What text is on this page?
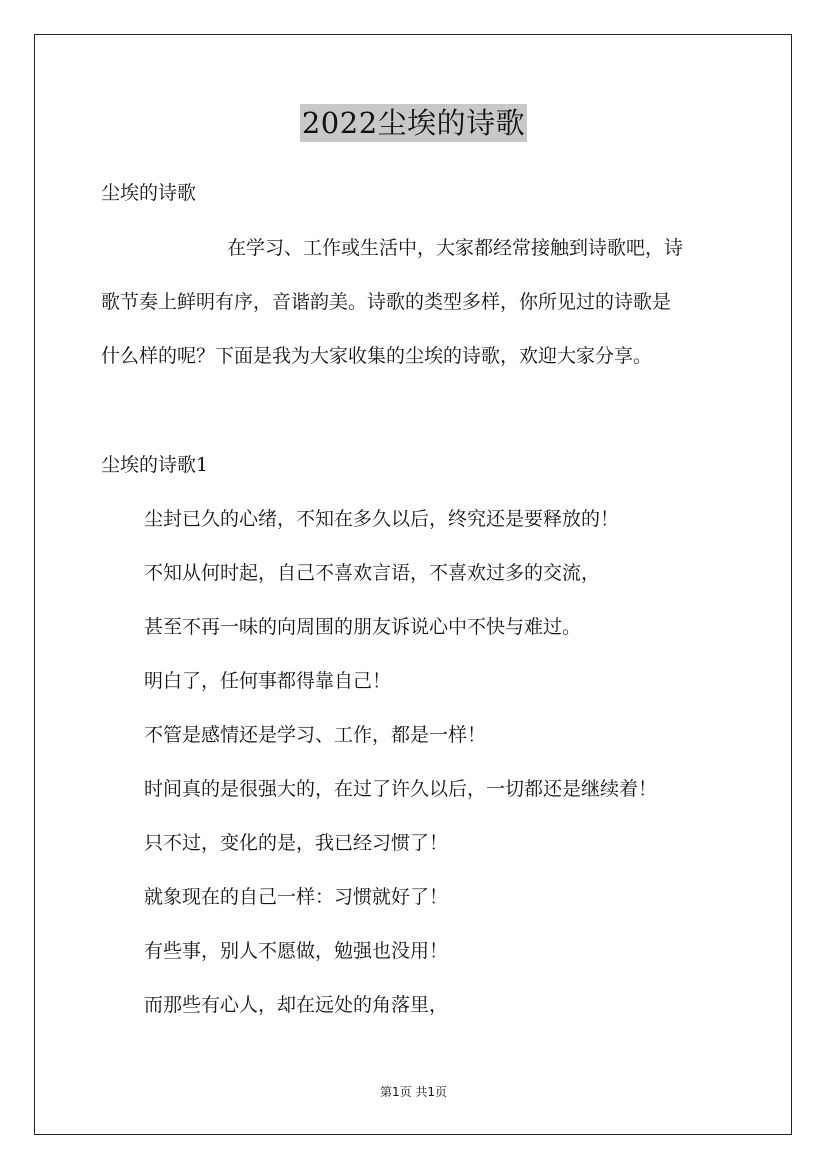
2022尘埃的诗歌
尘埃的诗歌
在学习、工作或生活中，大家都经常接触到诗歌吧，诗
歌节奏上鲜明有序，音谐韵美。诗歌的类型多样，你所见过的诗歌是
什么样的呢？下面是我为大家收集的尘埃的诗歌，欢迎大家分享。
尘埃的诗歌1
尘封已久的心绪，不知在多久以后，终究还是要释放的！
不知从何时起，自己不喜欢言语，不喜欢过多的交流，
甚至不再一味的向周围的朋友诉说心中不快与难过。
明白了，任何事都得靠自己！
不管是感情还是学习、工作，都是一样！
时间真的是很强大的，在过了许久以后，一切都还是继续着！
只不过，变化的是，我已经习惯了！
就象现在的自己一样：习惯就好了！
有些事，别人不愿做，勉强也没用！
而那些有心人，却在远处的角落里，
第1页 共1页
